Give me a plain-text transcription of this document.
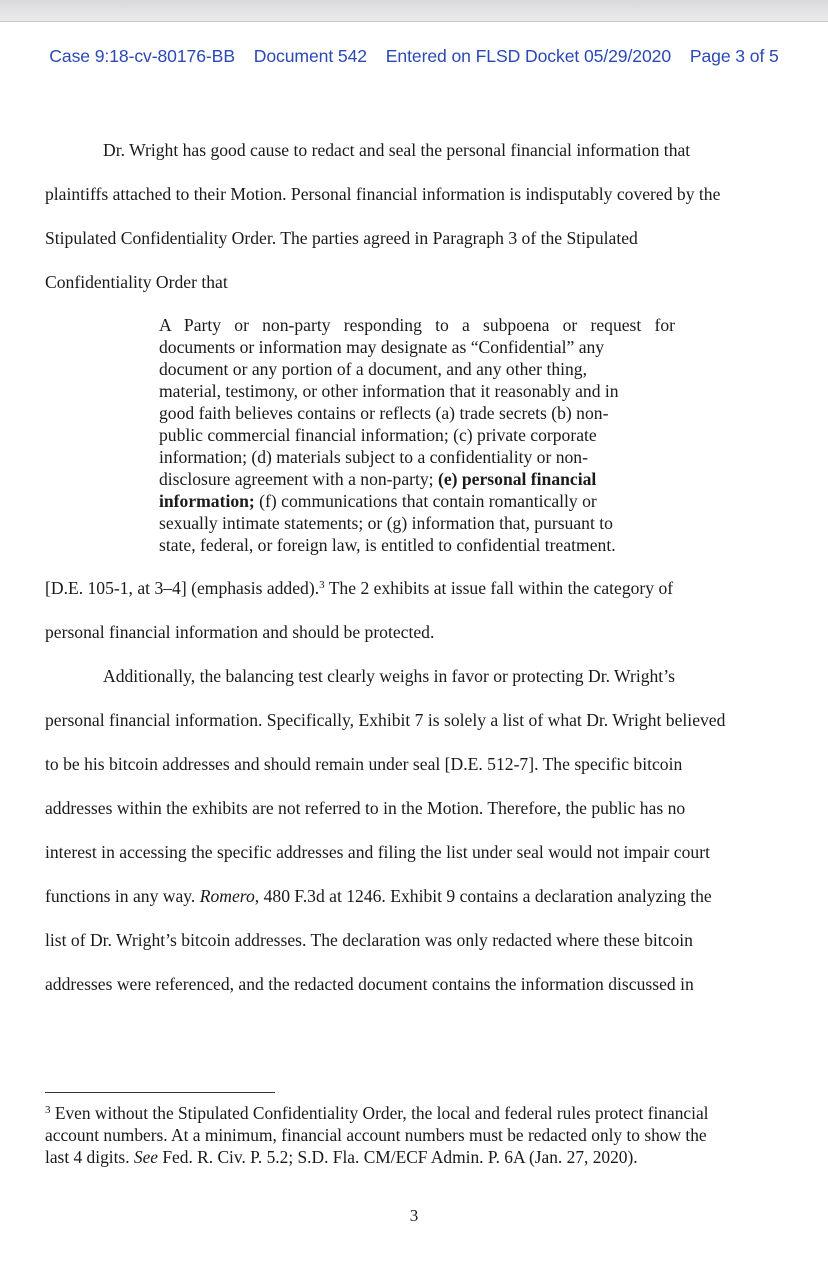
Case 9:18-cv-80176-BB Document 542 Entered on FLSD Docket 05/29/2020 Page 3 of 5
Dr. Wright has good cause to redact and seal the personal financial information that
plaintiffs attached to their Motion. Personal financial information is indisputably covered by the
Stipulated Confidentiality Order. The parties agreed in Paragraph 3 of the Stipulated
Confidentiality Order that
A Party or non-party responding to a subpoena or request for
documents or information may designate as “Confidential” any
document or any portion of a document, and any other thing,
material, testimony, or other information that it reasonably and in
good faith believes contains or reflects (a) trade secrets (b) non-
public commercial financial information; (c) private corporate
information; (d) materials subject to a confidentiality or non-
disclosure agreement with a non-party; (e) personal financial
information; (f) communications that contain romantically or
sexually intimate statements; or (g) information that, pursuant to
state, federal, or foreign law, is entitled to confidential treatment.
[D.E. 105-1, at 3–4] (emphasis added).$^3$ The 2 exhibits at issue fall within the category of
personal financial information and should be protected.
Additionally, the balancing test clearly weighs in favor or protecting Dr. Wright’s
personal financial information. Specifically, Exhibit 7 is solely a list of what Dr. Wright believed
to be his bitcoin addresses and should remain under seal [D.E. 512-7]. The specific bitcoin
addresses within the exhibits are not referred to in the Motion. Therefore, the public has no
interest in accessing the specific addresses and filing the list under seal would not impair court
functions in any way. Romero, 480 F.3d at 1246. Exhibit 9 contains a declaration analyzing the
list of Dr. Wright’s bitcoin addresses. The declaration was only redacted where these bitcoin
addresses were referenced, and the redacted document contains the information discussed in
$^3$ Even without the Stipulated Confidentiality Order, the local and federal rules protect financial
account numbers. At a minimum, financial account numbers must be redacted only to show the
last 4 digits. See Fed. R. Civ. P. 5.2; S.D. Fla. CM/ECF Admin. P. 6A (Jan. 27, 2020).
3
